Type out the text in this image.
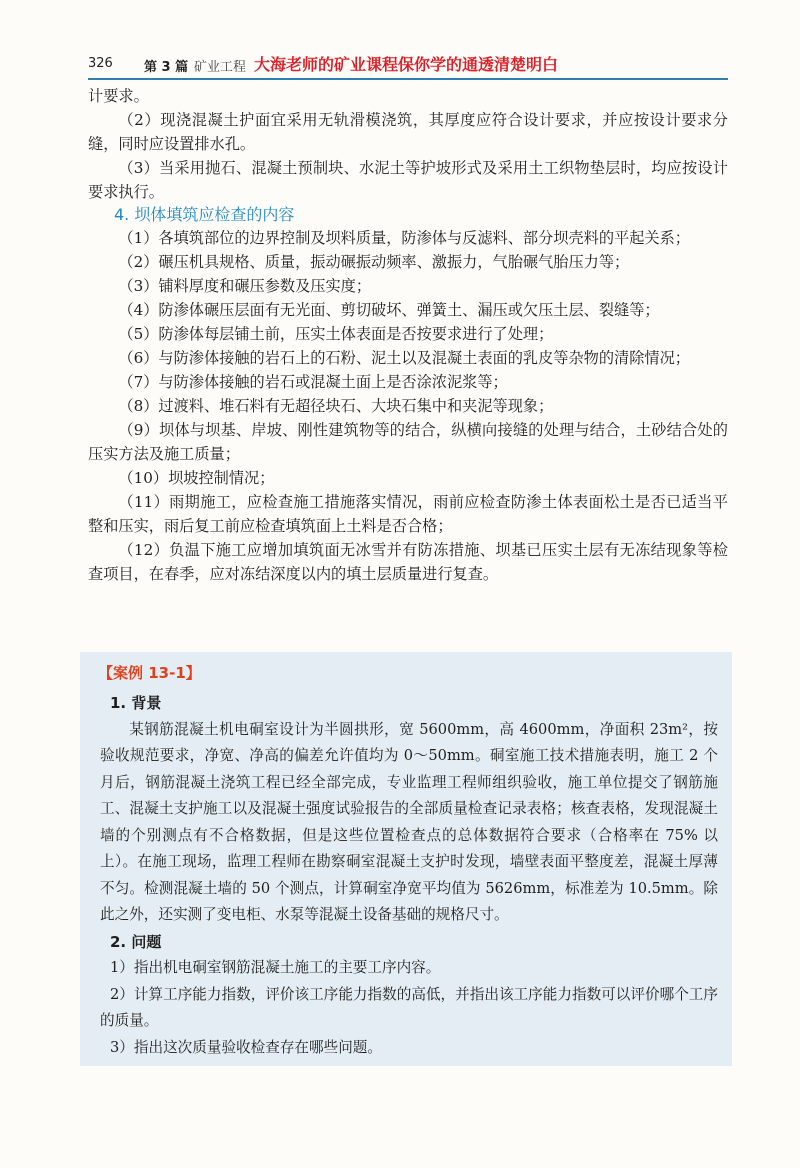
326 第 3 篇 矿业工程 大海老师的矿业课程保你学的通透清楚明白

计要求。

（2）现浇混凝土护面宜采用无轨滑模浇筑，其厚度应符合设计要求，并应按设计要求分缝，同时应设置排水孔。

（3）当采用抛石、混凝土预制块、水泥土等护坡形式及采用土工织物垫层时，均应按设计要求执行。

4. 坝体填筑应检查的内容

（1）各填筑部位的边界控制及坝料质量，防渗体与反滤料、部分坝壳料的平起关系；

（2）碾压机具规格、质量，振动碾振动频率、激振力，气胎碾气胎压力等；

（3）铺料厚度和碾压参数及压实度；

（4）防渗体碾压层面有无光面、剪切破坏、弹簧土、漏压或欠压土层、裂缝等；

（5）防渗体每层铺土前，压实土体表面是否按要求进行了处理；

（6）与防渗体接触的岩石上的石粉、泥土以及混凝土表面的乳皮等杂物的清除情况；

（7）与防渗体接触的岩石或混凝土面上是否涂浓泥浆等；

（8）过渡料、堆石料有无超径块石、大块石集中和夹泥等现象；

（9）坝体与坝基、岸坡、刚性建筑物等的结合，纵横向接缝的处理与结合，土砂结合处的压实方法及施工质量；

（10）坝坡控制情况；

（11）雨期施工，应检查施工措施落实情况，雨前应检查防渗土体表面松土是否已适当平整和压实，雨后复工前应检查填筑面上土料是否合格；

（12）负温下施工应增加填筑面无冰雪并有防冻措施、坝基已压实土层有无冻结现象等检查项目，在春季，应对冻结深度以内的填土层质量进行复查。

【案例 13-1】

1. 背景

某钢筋混凝土机电硐室设计为半圆拱形，宽 5600mm，高 4600mm，净面积 23m²，按验收规范要求，净宽、净高的偏差允许值均为 0～50mm。硐室施工技术措施表明，施工 2 个月后，钢筋混凝土浇筑工程已经全部完成，专业监理工程师组织验收，施工单位提交了钢筋施工、混凝土支护施工以及混凝土强度试验报告的全部质量检查记录表格；核查表格，发现混凝土墙的个别测点有不合格数据，但是这些位置检查点的总体数据符合要求（合格率在 75% 以上）。在施工现场，监理工程师在勘察硐室混凝土支护时发现，墙壁表面平整度差，混凝土厚薄不匀。检测混凝土墙的 50 个测点，计算硐室净宽平均值为 5626mm，标准差为 10.5mm。除此之外，还实测了变电柜、水泵等混凝土设备基础的规格尺寸。

2. 问题

1）指出机电硐室钢筋混凝土施工的主要工序内容。

2）计算工序能力指数，评价该工序能力指数的高低，并指出该工序能力指数可以评价哪个工序的质量。

3）指出这次质量验收检查存在哪些问题。
